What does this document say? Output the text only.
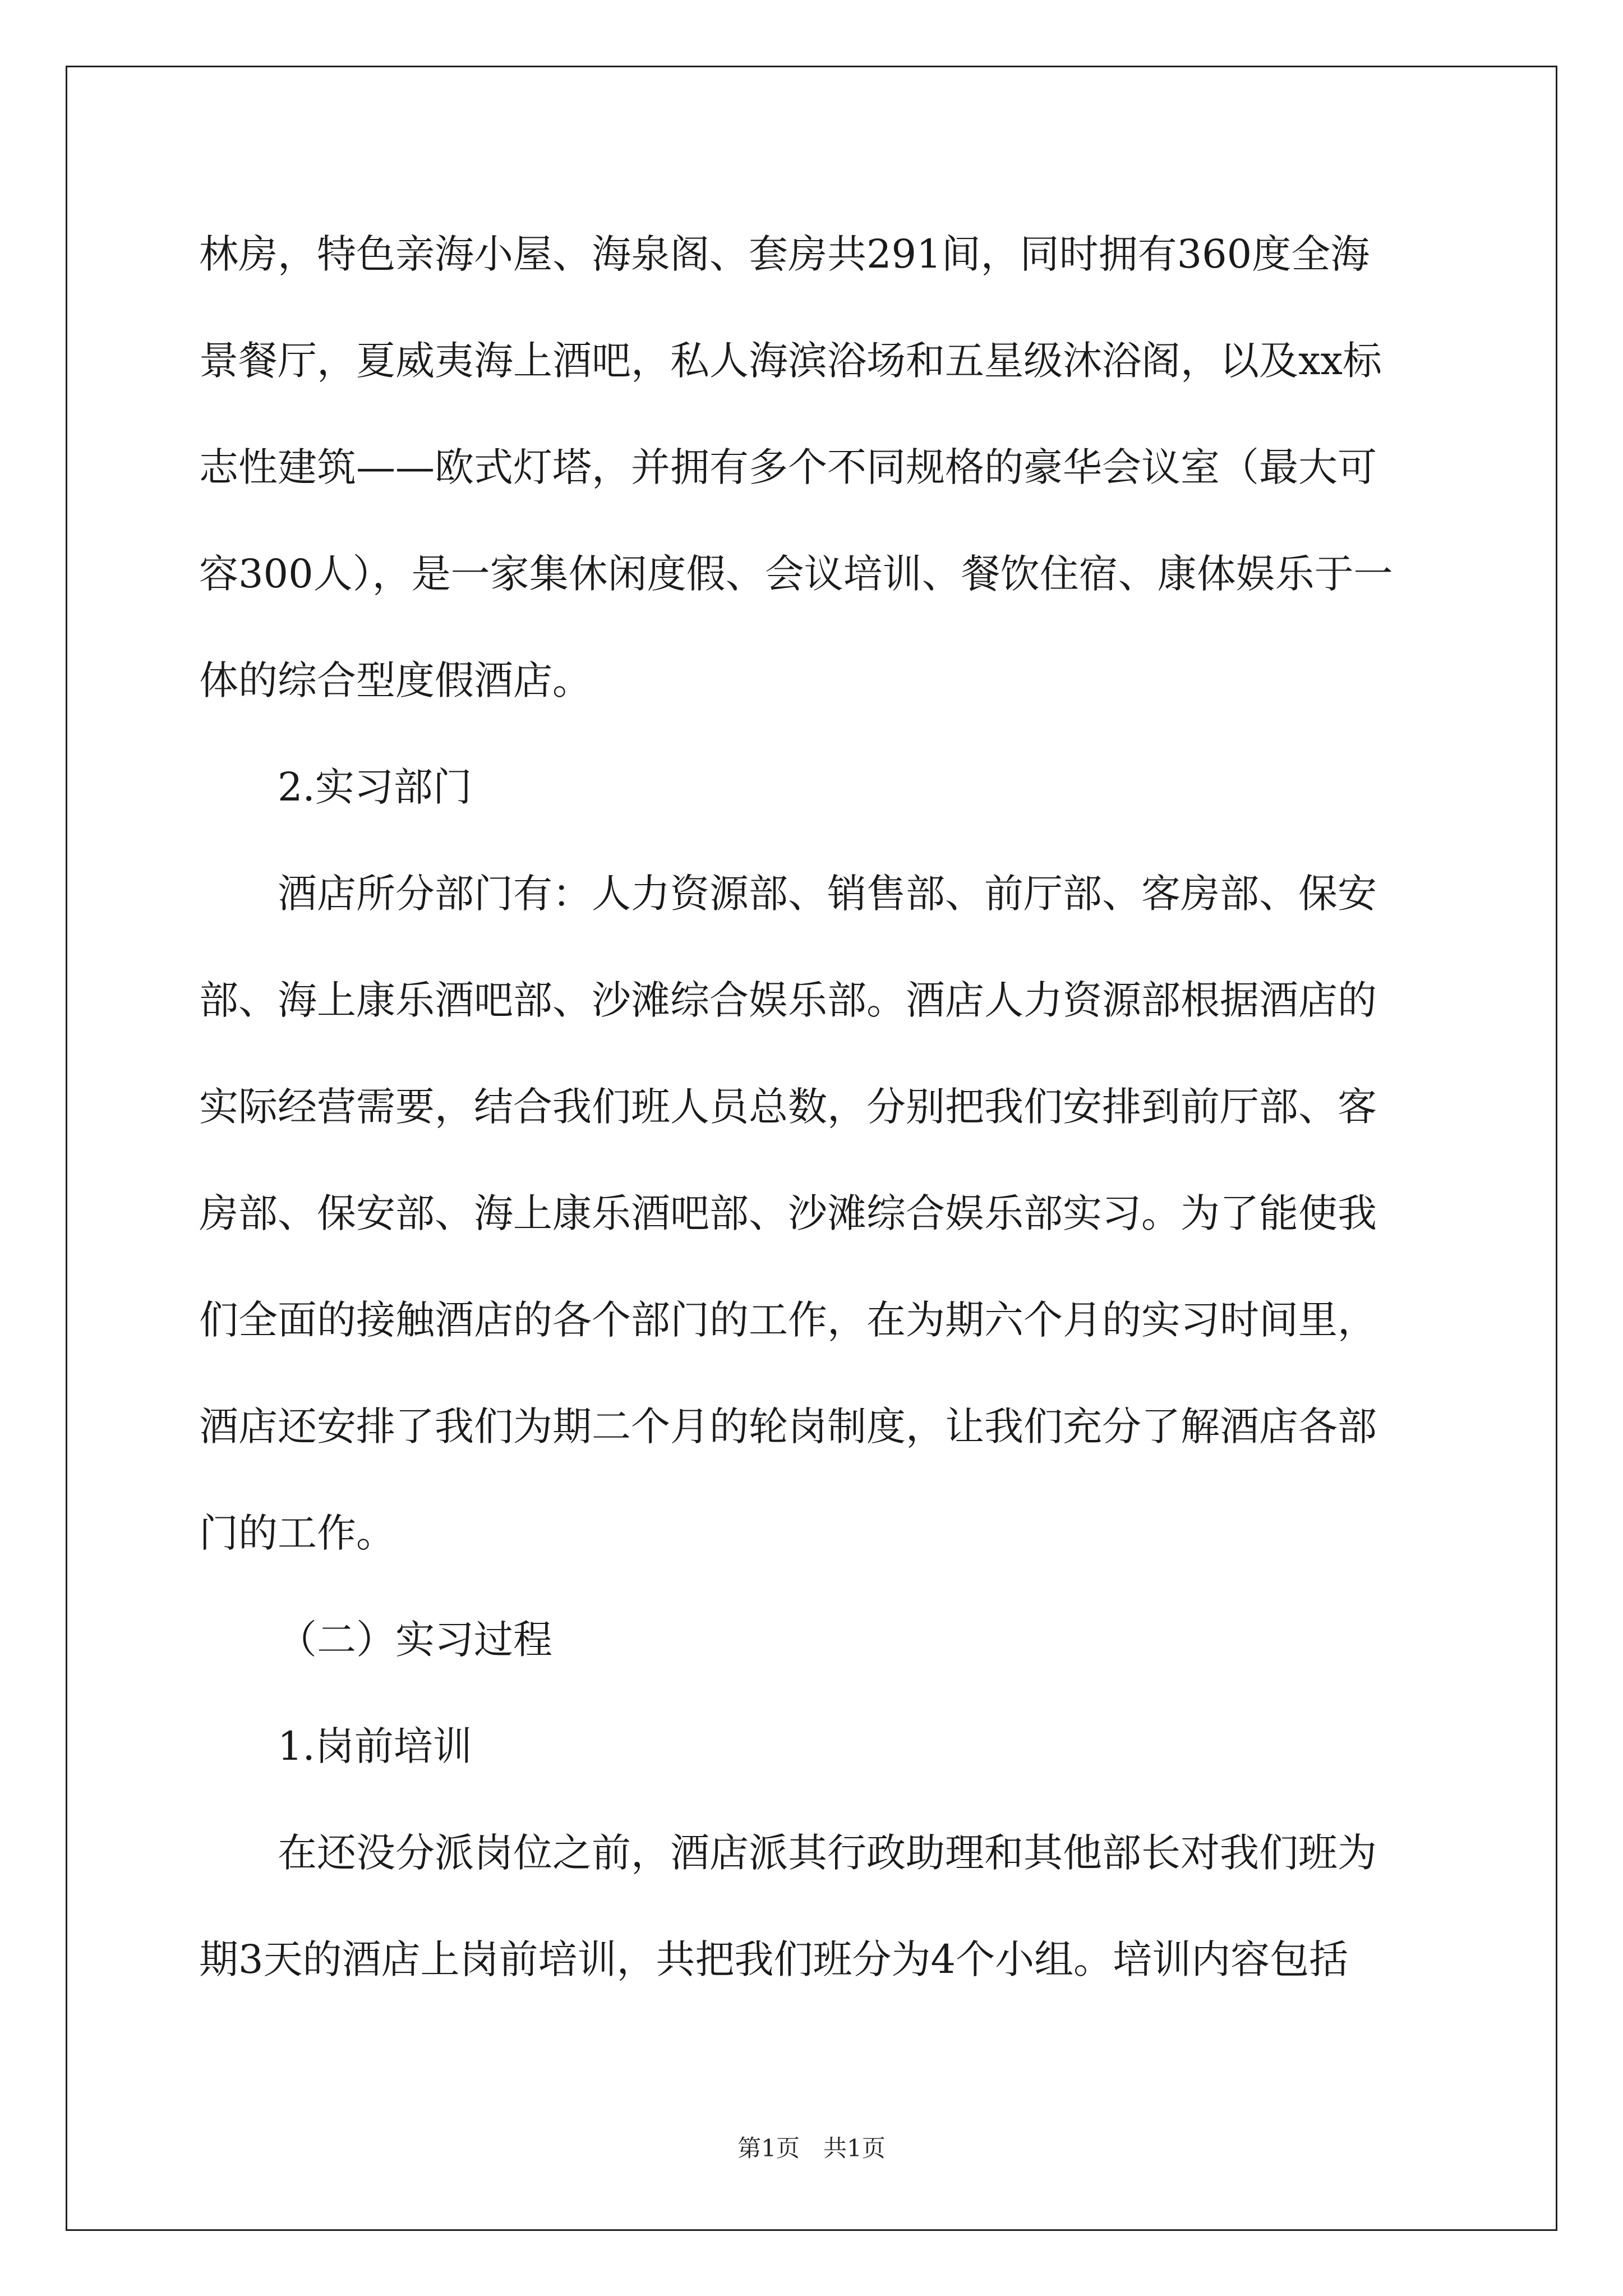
林房，特色亲海小屋、海泉阁、套房共291间，同时拥有360度全海
景餐厅，夏威夷海上酒吧，私人海滨浴场和五星级沐浴阁，以及xx标
志性建筑——欧式灯塔，并拥有多个不同规格的豪华会议室（最大可
容300人），是一家集休闲度假、会议培训、餐饮住宿、康体娱乐于一
体的综合型度假酒店。
2.实习部门
酒店所分部门有：人力资源部、销售部、前厅部、客房部、保安
部、海上康乐酒吧部、沙滩综合娱乐部。酒店人力资源部根据酒店的
实际经营需要，结合我们班人员总数，分别把我们安排到前厅部、客
房部、保安部、海上康乐酒吧部、沙滩综合娱乐部实习。为了能使我
们全面的接触酒店的各个部门的工作，在为期六个月的实习时间里，
酒店还安排了我们为期二个月的轮岗制度，让我们充分了解酒店各部
门的工作。
（二）实习过程
1.岗前培训
在还没分派岗位之前，酒店派其行政助理和其他部长对我们班为
期3天的酒店上岗前培训，共把我们班分为4个小组。培训内容包括
第1页　共1页
